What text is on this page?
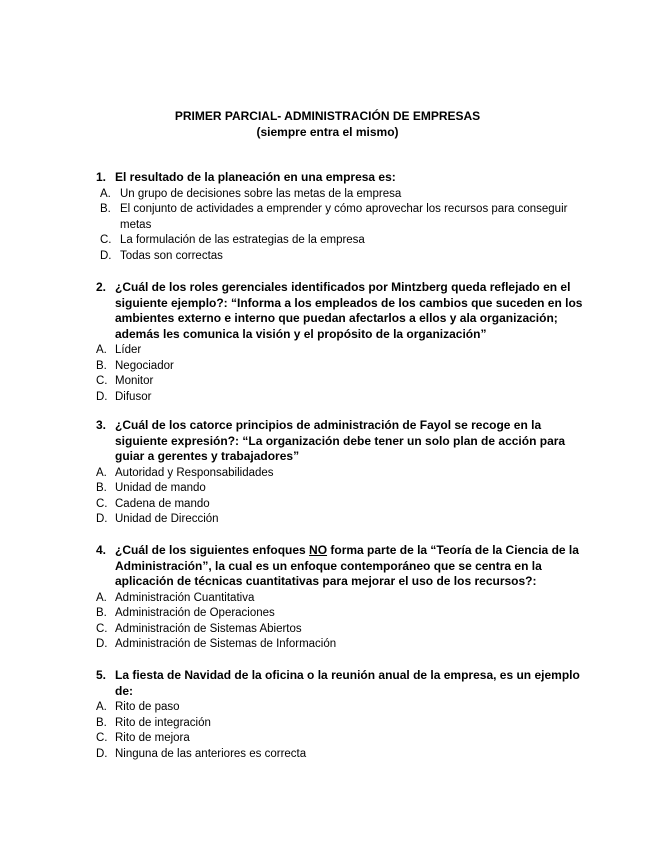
PRIMER PARCIAL- ADMINISTRACIÓN DE EMPRESAS
(siempre entra el mismo)
1. El resultado de la planeación en una empresa es:
A. Un grupo de decisiones sobre las metas de la empresa
B. El conjunto de actividades a emprender y cómo aprovechar los recursos para conseguir metas
C. La formulación de las estrategias de la empresa
D. Todas son correctas
2. ¿Cuál de los roles gerenciales identificados por Mintzberg queda reflejado en el siguiente ejemplo?: “Informa a los empleados de los cambios que suceden en los ambientes externo e interno que puedan afectarlos a ellos y ala organización; además les comunica la visión y el propósito de la organización”
A. Líder
B. Negociador
C. Monitor
D. Difusor
3. ¿Cuál de los catorce principios de administración de Fayol se recoge en la siguiente expresión?: “La organización debe tener un solo plan de acción para guiar a gerentes y trabajadores”
A. Autoridad y Responsabilidades
B. Unidad de mando
C. Cadena de mando
D. Unidad de Dirección
4. ¿Cuál de los siguientes enfoques NO forma parte de la “Teoría de la Ciencia de la Administración”, la cual es un enfoque contemporáneo que se centra en la aplicación de técnicas cuantitativas para mejorar el uso de los recursos?:
A. Administración Cuantitativa
B. Administración de Operaciones
C. Administración de Sistemas Abiertos
D. Administración de Sistemas de Información
5. La fiesta de Navidad de la oficina o la reunión anual de la empresa, es un ejemplo de:
A. Rito de paso
B. Rito de integración
C. Rito de mejora
D. Ninguna de las anteriores es correcta
